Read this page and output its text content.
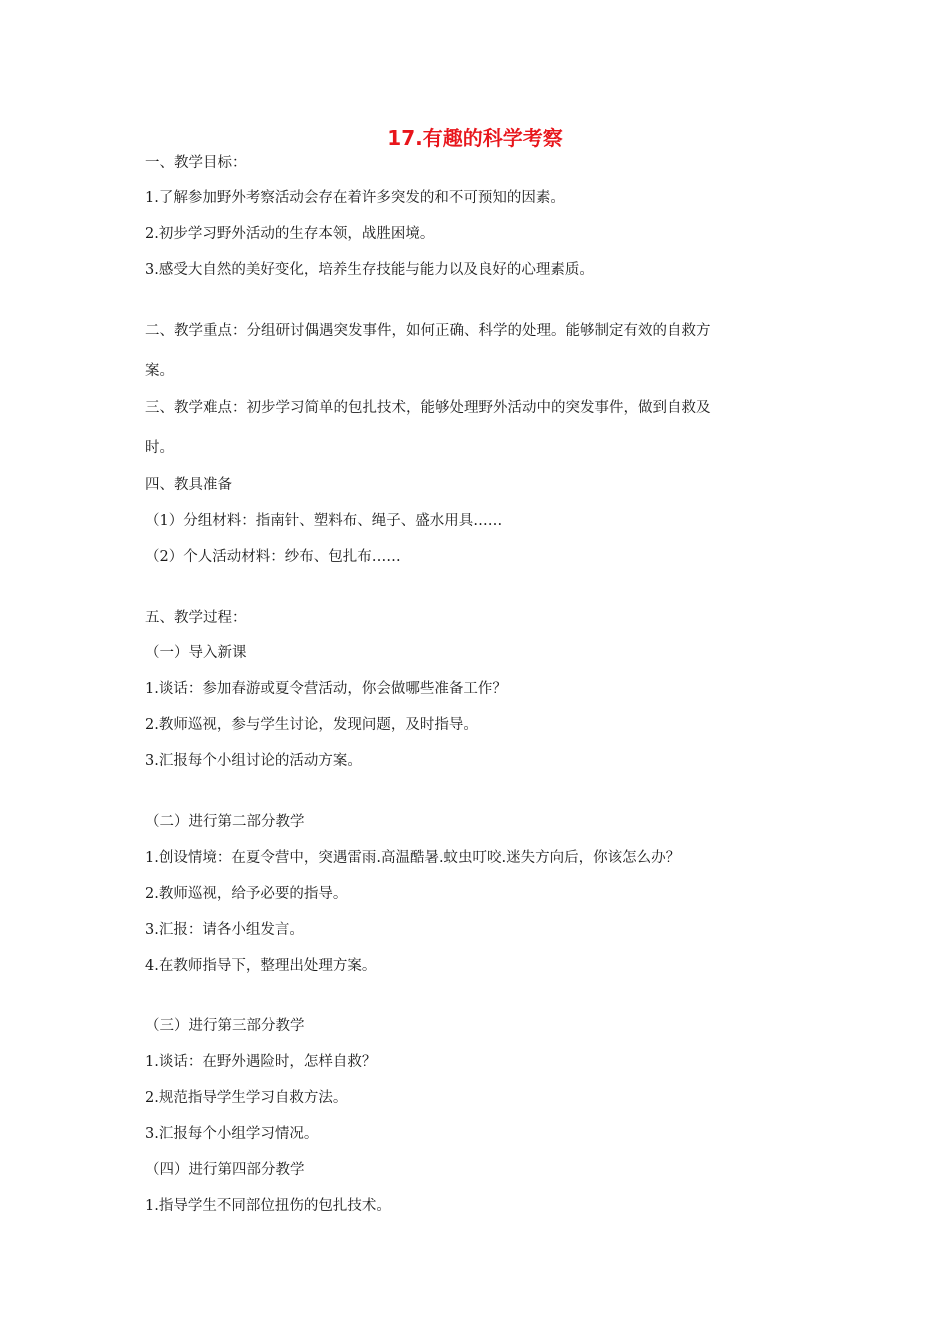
17.有趣的科学考察
一、教学目标：
1.了解参加野外考察活动会存在着许多突发的和不可预知的因素。
2.初步学习野外活动的生存本领，战胜困境。
3.感受大自然的美好变化，培养生存技能与能力以及良好的心理素质。
二、教学重点：分组研讨偶遇突发事件，如何正确、科学的处理。能够制定有效的自救方
案。
三、教学难点：初步学习简单的包扎技术，能够处理野外活动中的突发事件，做到自救及
时。
四、教具准备
（1）分组材料：指南针、塑料布、绳子、盛水用具……
（2）个人活动材料：纱布、包扎布……
五、教学过程：
（一）导入新课
1.谈话：参加春游或夏令营活动，你会做哪些准备工作？
2.教师巡视，参与学生讨论，发现问题，及时指导。
3.汇报每个小组讨论的活动方案。
（二）进行第二部分教学
1.创设情境：在夏令营中，突遇雷雨.高温酷暑.蚊虫叮咬.迷失方向后，你该怎么办？
2.教师巡视，给予必要的指导。
3.汇报：请各小组发言。
4.在教师指导下，整理出处理方案。
（三）进行第三部分教学
1.谈话：在野外遇险时，怎样自救？
2.规范指导学生学习自救方法。
3.汇报每个小组学习情况。
（四）进行第四部分教学
1.指导学生不同部位扭伤的包扎技术。
